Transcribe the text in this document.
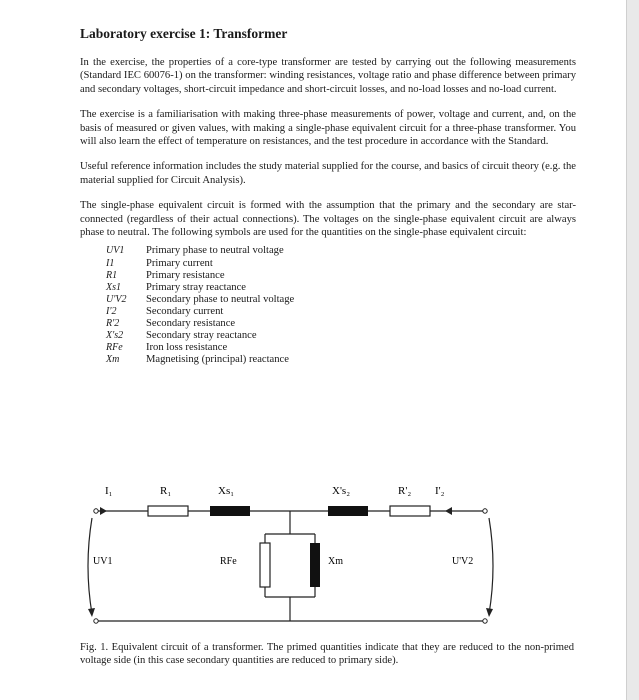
Laboratory exercise 1: Transformer

In the exercise, the properties of a core-type transformer are tested by carrying out the following measurements (Standard IEC 60076-1) on the transformer: winding resistances, voltage ratio and phase difference between primary and secondary voltages, short-circuit impedance and short-circuit losses, and no-load losses and no-load current.

The exercise is a familiarisation with making three-phase measurements of power, voltage and current, and, on the basis of measured or given values, with making a single-phase equivalent circuit for a three-phase transformer. You will also learn the effect of temperature on resistances, and the test procedure in accordance with the Standard.

Useful reference information includes the study material supplied for the course, and basics of circuit theory (e.g. the material supplied for Circuit Analysis).

The single-phase equivalent circuit is formed with the assumption that the primary and the secondary are star-connected (regardless of their actual connections). The voltages on the single-phase equivalent circuit are always phase to neutral. The following symbols are used for the quantities on the single-phase equivalent circuit:

UV1	Primary phase to neutral voltage
I1	Primary current
R1	Primary resistance
Xs1	Primary stray reactance
U'V2	Secondary phase to neutral voltage
I'2	Secondary current
R'2	Secondary resistance
X's2	Secondary stray reactance
RFe	Iron loss resistance
Xm	Magnetising (principal) reactance
I₁	R₁	Xs₁	X's₂	R'₂ I'₂
UV1	RFe	Xm	U'V2
Fig. 1. Equivalent circuit of a transformer. The primed quantities indicate that they are reduced to the non-primed voltage side (in this case secondary quantities are reduced to primary side).
